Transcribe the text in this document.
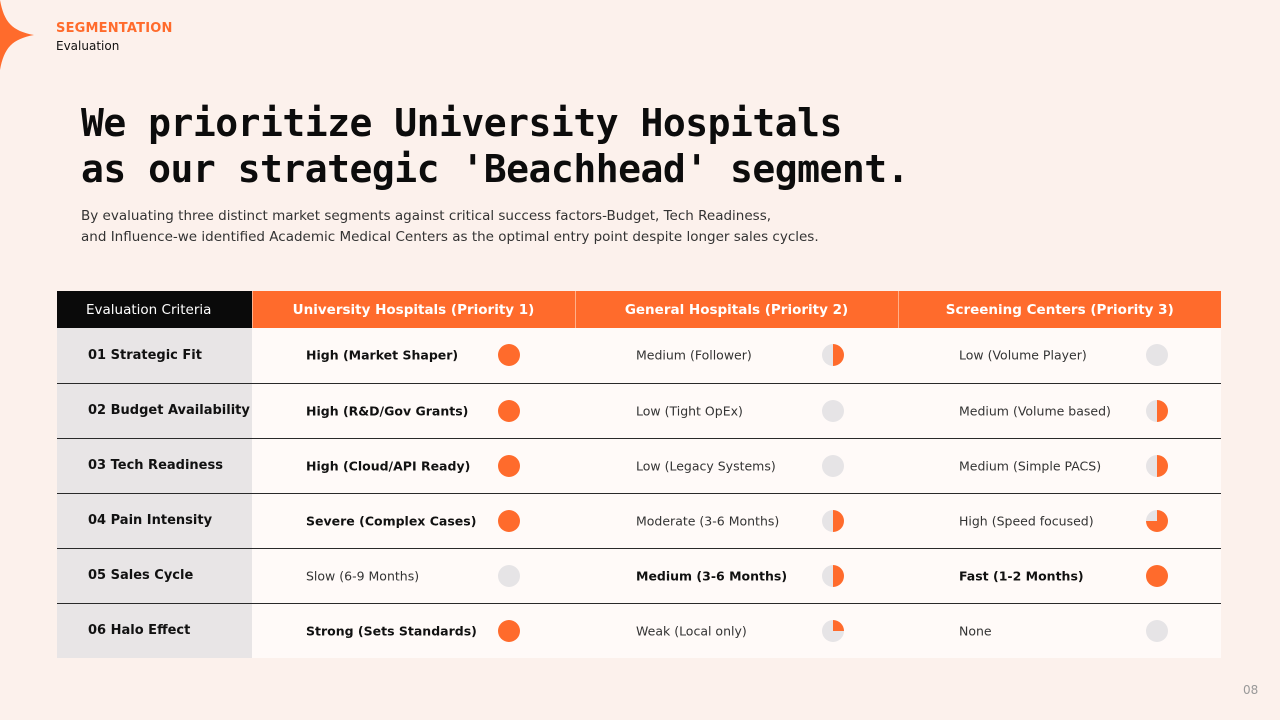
SEGMENTATION
Evaluation
We prioritize University Hospitals
as our strategic 'Beachhead' segment.
By evaluating three distinct market segments against critical success factors-Budget, Tech Readiness,
and Influence-we identified Academic Medical Centers as the optimal entry point despite longer sales cycles.
Evaluation Criteria	University Hospitals (Priority 1)	General Hospitals (Priority 2)	Screening Centers (Priority 3)
01 Strategic Fit	High (Market Shaper)	Medium (Follower)	Low (Volume Player)

02 Budget Availability	High (R&D/Gov Grants)	Low (Tight OpEx)	Medium (Volume based)

03 Tech Readiness	High (Cloud/API Ready)	Low (Legacy Systems)	Medium (Simple PACS)

04 Pain Intensity	Severe (Complex Cases)	Moderate (3-6 Months)	High (Speed focused)

05 Sales Cycle	Slow (6-9 Months)	Medium (3-6 Months)	Fast (1-2 Months)

06 Halo Effect	Strong (Sets Standards)	Weak (Local only)	None
08
